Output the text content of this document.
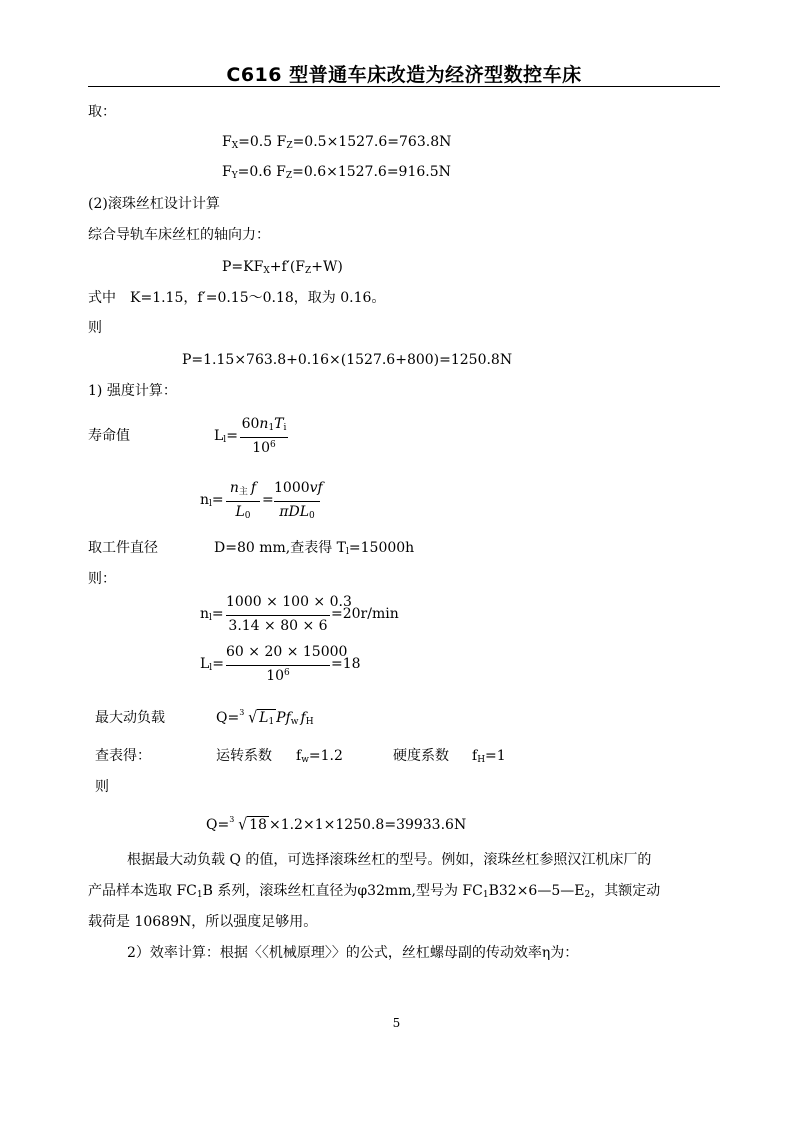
C616 型普通车床改造为经济型数控车床
取：
$F_X=0.5$ $F_Z=0.5\times 1527.6=763.8N$
$F_Y=0.6$ $F_Z=0.6\times 1527.6=916.5N$
(2)滚珠丝杠设计计算
综合导轨车床丝杠的轴向力：
$P=KF_X+f'(F_Z+W)$
式中　K=1.15，f′=0.15～0.18，取为 0.16。
则
P=1.15×763.8+0.16×(1527.6+800)=1250.8N
1) 强度计算：
寿命值	$L_l=$
$60n_1T_i$
$10^6$
$n_l=$
$n_主$ f
$L_0$
=
1000vf
πDL$_0$
取工件直径	D=80 mm,查表得 $T_l=15000h$
则：
$n_l=$
1000 × 100 × 0.3
3.14 × 80 × 6
=20r/min
$L_l=$
60 × 20 × 15000
$10^6$
=18
最大动负载	Q= 3 √ $L_1$ $Pf_w$ $f_H$
查表得：	运转系数 $f_w=1.2$	硬度系数 $f_H=1$
则
Q= 3 √ 18 ×1.2×1×1250.8=39933.6N
根据最大动负载 Q 的值，可选择滚珠丝杠的型号。例如，滚珠丝杠参照汉江机床厂的
产品样本选取 $FC_1B$ 系列，滚珠丝杠直径为φ32mm,型号为 $FC_1B32\times 6—5—E_2$，其额定动
载荷是 10689N，所以强度足够用。
2）效率计算：根据〈〈机械原理〉〉的公式，丝杠螺母副的传动效率η为：
5
